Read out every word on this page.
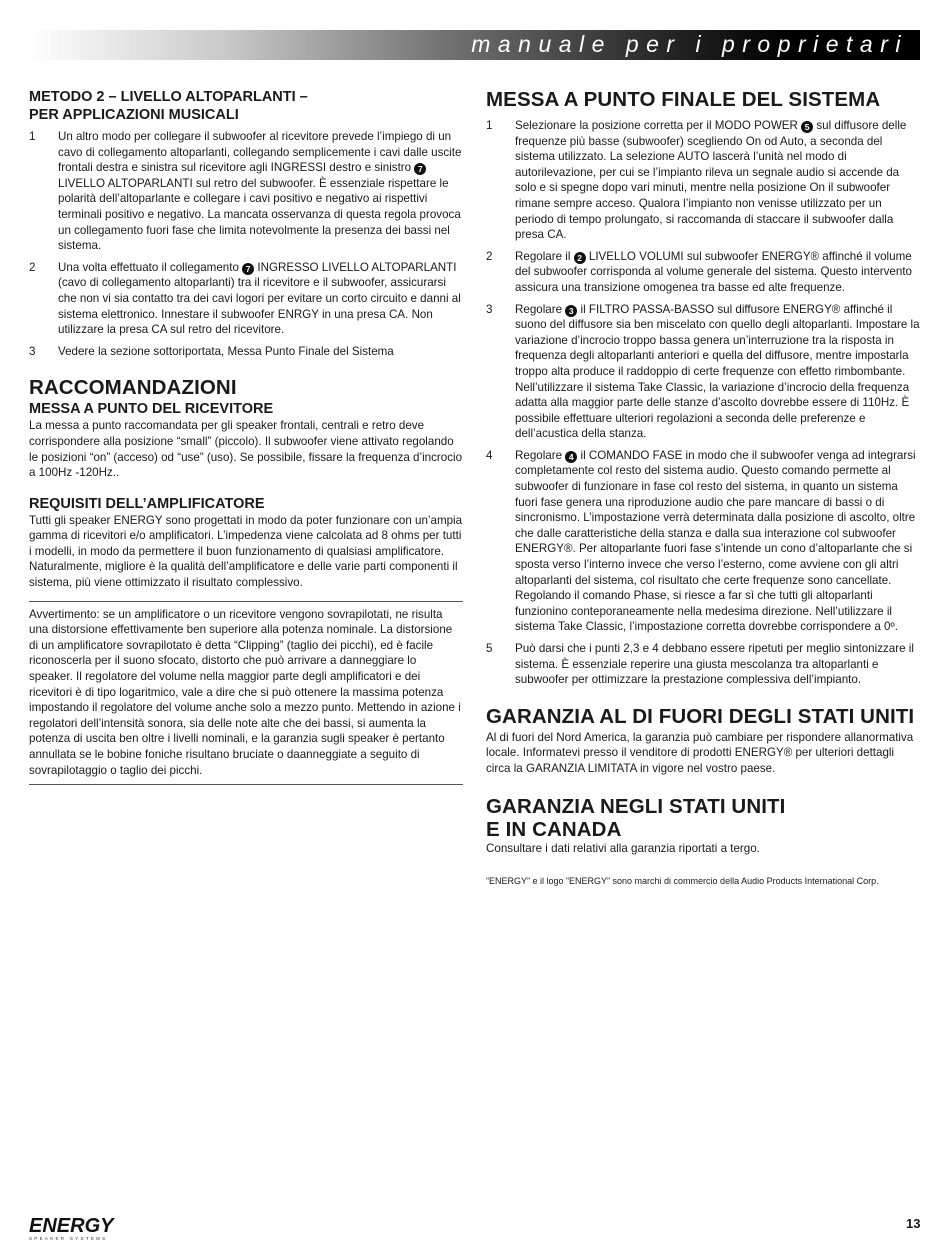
manuale per i proprietari
METODO 2 – LIVELLO ALTOPARLANTI –
PER APPLICAZIONI MUSICALI
1 Un altro modo per collegare il subwoofer al ricevitore prevede l’impiego di un cavo di collegamento altoparlanti, collegando semplicemente i cavi dalle uscite frontali destra e sinistra sul ricevitore agli INGRESSI destro e sinistro 7 LIVELLO ALTOPARLANTI sul retro del subwoofer. È essenziale rispettare le polarità dell’altoparlante e collegare i cavi positivo e negativo ai rispettivi terminali positivo e negativo. La mancata osservanza di questa regola provoca un collegamento fuori fase che limita notevolmente la presenza dei bassi nel sistema.
2 Una volta effettuato il collegamento 7 INGRESSO LIVELLO ALTOPARLANTI (cavo di collegamento altoparlanti) tra il ricevitore e il subwoofer, assicurarsi che non vi sia contatto tra dei cavi logori per evitare un corto circuito e danni al sistema elettronico. Innestare il subwoofer ENRGY in una presa CA. Non utilizzare la presa CA sul retro del ricevitore.
3 Vedere la sezione sottoriportata, Messa Punto Finale del Sistema
RACCOMANDAZIONI
MESSA A PUNTO DEL RICEVITORE

La messa a punto raccomandata per gli speaker frontali, centrali e retro deve corrispondere alla posizione “small” (piccolo). Il subwoofer viene attivato regolando le posizioni “on” (acceso) od “use” (uso). Se possibile, fissare la frequenza d’incrocio a 100Hz -120Hz..

REQUISITI DELL’AMPLIFICATORE

Tutti gli speaker ENERGY sono progettati in modo da poter funzionare con un’ampia gamma di ricevitori e/o amplificatori. L’impedenza viene calcolata ad 8 ohms per tutti i modelli, in modo da permettere il buon funzionamento di qualsiasi amplificatore. Naturalmente, migliore è la qualità dell’amplificatore e delle varie parti componenti il sistema, più viene ottimizzato il risultato complessivo.

Avvertimento: se un amplificatore o un ricevitore vengono sovrapilotati, ne risulta una distorsione effettivamente ben superiore alla potenza nominale. La distorsione di un amplificatore sovrapilotato è detta “Clipping” (taglio dei picchi), ed è facile riconoscerla per il suono sfocato, distorto che può arrivare a danneggiare lo speaker. Il regolatore del volume nella maggior parte degli amplificatori e dei ricevitori è di tipo logaritmico, vale a dire che si può ottenere la massima potenza impostando il regolatore del volume anche solo a mezzo punto. Mettendo in azione i regolatori dell’intensità sonora, sia delle note alte che dei bassi, si aumenta la potenza di uscita ben oltre i livelli nominali, e la garanzia sugli speaker è pertanto annullata se le bobine foniche risultano bruciate o daanneggiate a seguito di sovrapilotaggio o taglio dei picchi.
MESSA A PUNTO FINALE DEL SISTEMA
1 Selezionare la posizione corretta per il MODO POWER 5 sul diffusore delle frequenze più basse (subwoofer) scegliendo On od Auto, a seconda del sistema utilizzato. La selezione AUTO lascerà l’unità nel modo di autorilevazione, per cui se l’impianto rileva un segnale audio si accende da solo e si spegne dopo vari minuti, mentre nella posizione On il subwoofer rimane sempre acceso. Qualora l’impianto non venisse utilizzato per un periodo di tempo prolungato, si raccomanda di staccare il subwoofer dalla presa CA.
2 Regolare il 2 LIVELLO VOLUMI sul subwoofer ENERGY® affinché il volume del subwoofer corrisponda al volume generale del sistema. Questo intervento assicura una transizione omogenea tra basse ed alte frequenze.
3 Regolare 3 il FILTRO PASSA-BASSO sul diffusore ENERGY® affinché il suono del diffusore sia ben miscelato con quello degli altoparlanti. Impostare la variazione d’incrocio troppo bassa genera un’interruzione tra la risposta in frequenza degli altoparlanti anteriori e quella del diffusore, mentre impostarla troppo alta produce il raddoppio di certe frequenze con effetto rimbombante. Nell’utilizzare il sistema Take Classic, la variazione d’incrocio della frequenza adatta alla maggior parte delle stanze d’ascolto dovrebbe essere di 110Hz. È possibile effettuare ulteriori regolazioni a seconda delle preferenze e dell’acustica della stanza.
4 Regolare 4 il COMANDO FASE in modo che il subwoofer venga ad integrarsi completamente col resto del sistema audio. Questo comando permette al subwoofer di funzionare in fase col resto del sistema, in quanto un sistema fuori fase genera una riproduzione audio che pare mancare di bassi o di sincronismo. L’impostazione verrà determinata dalla posizione di ascolto, oltre che dalle caratteristiche della stanza e dalla sua interazione col subwoofer ENERGY®. Per altoparlante fuori fase s’intende un cono d’altoparlante che si sposta verso l’interno invece che verso l’esterno, come avviene con gli altri altoparlanti del sistema, col risultato che certe frequenze sono cancellate. Regolando il comando Phase, si riesce a far sì che tutti gli altoparlanti funzionino conteporaneamente nella medesima direzione. Nell’utilizzare il sistema Take Classic, l’impostazione corretta dovrebbe corrispondere a 0º.
5 Può darsi che i punti 2,3 e 4 debbano essere ripetuti per meglio sintonizzare il sistema. È essenziale reperire una giusta mescolanza tra altoparlanti e subwoofer per ottimizzare la prestazione complessiva dell’impianto.
GARANZIA AL DI FUORI DEGLI STATI UNITI

Al di fuori del Nord America, la garanzia può cambiare per rispondere allanormativa locale. Informatevi presso il venditore di prodotti ENERGY® per ulteriori dettagli circa la GARANZIA LIMITATA in vigore nel vostro paese.

GARANZIA NEGLI STATI UNITI
E IN CANADA

Consultare i dati relativi alla garanzia riportati a tergo.

”ENERGY” e il logo ”ENERGY” sono marchi di commercio della Audio Products International Corp.

ENERGY
SPEAKER SYSTEMS
13
